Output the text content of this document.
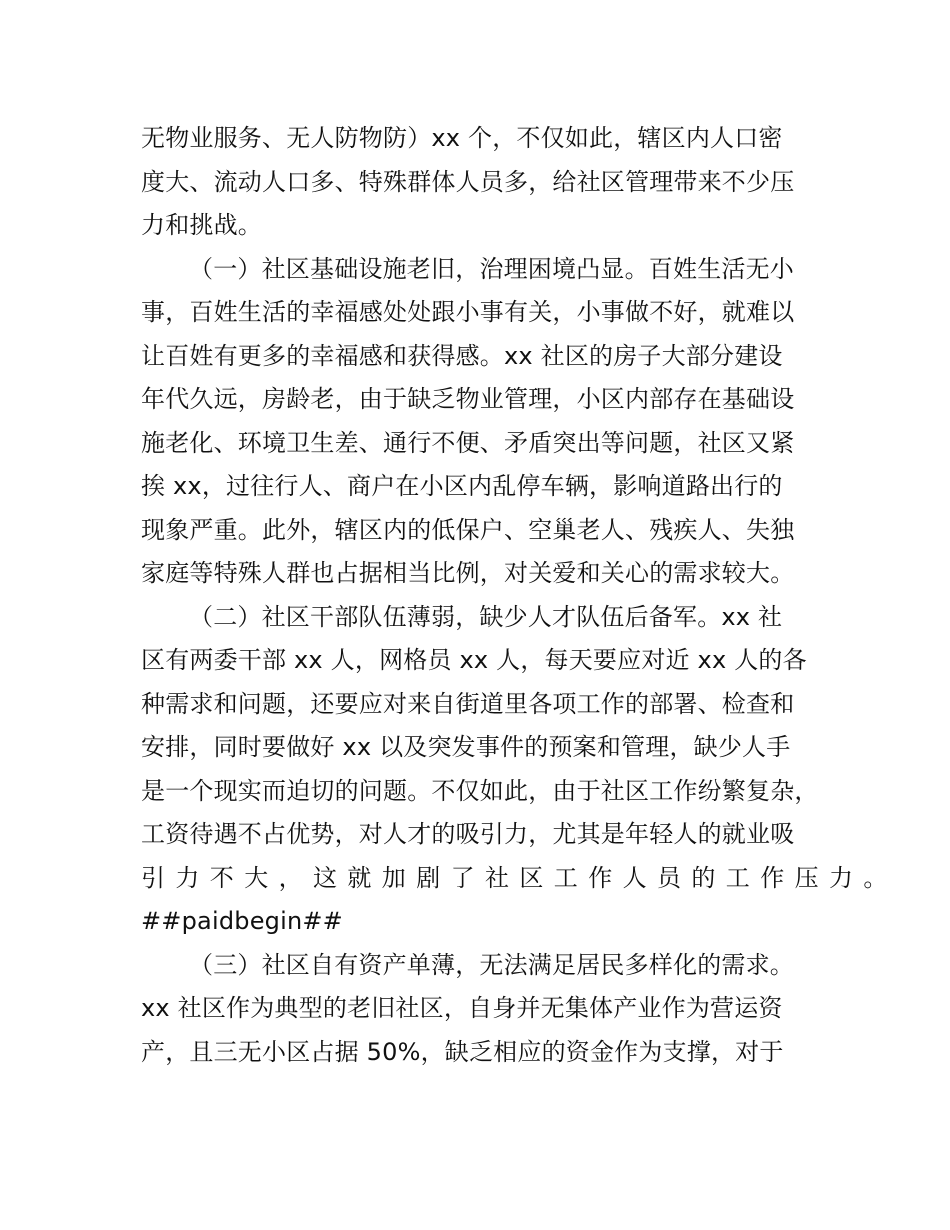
无物业服务、无人防物防）xx 个，不仅如此，辖区内人口密
度大、流动人口多、特殊群体人员多，给社区管理带来不少压
力和挑战。
（一）社区基础设施老旧，治理困境凸显。百姓生活无小
事，百姓生活的幸福感处处跟小事有关，小事做不好，就难以
让百姓有更多的幸福感和获得感。xx 社区的房子大部分建设
年代久远，房龄老，由于缺乏物业管理，小区内部存在基础设
施老化、环境卫生差、通行不便、矛盾突出等问题，社区又紧
挨 xx，过往行人、商户在小区内乱停车辆，影响道路出行的
现象严重。此外，辖区内的低保户、空巢老人、残疾人、失独
家庭等特殊人群也占据相当比例，对关爱和关心的需求较大。
（二）社区干部队伍薄弱，缺少人才队伍后备军。xx 社
区有两委干部 xx 人，网格员 xx 人，每天要应对近 xx 人的各
种需求和问题，还要应对来自街道里各项工作的部署、检查和
安排，同时要做好 xx 以及突发事件的预案和管理，缺少人手
是一个现实而迫切的问题。不仅如此，由于社区工作纷繁复杂，
工资待遇不占优势，对人才的吸引力，尤其是年轻人的就业吸
引力不大，这就加剧了社区工作人员的工作压力。
##paidbegin##
（三）社区自有资产单薄，无法满足居民多样化的需求。
xx 社区作为典型的老旧社区，自身并无集体产业作为营运资
产，且三无小区占据 50%，缺乏相应的资金作为支撑，对于
